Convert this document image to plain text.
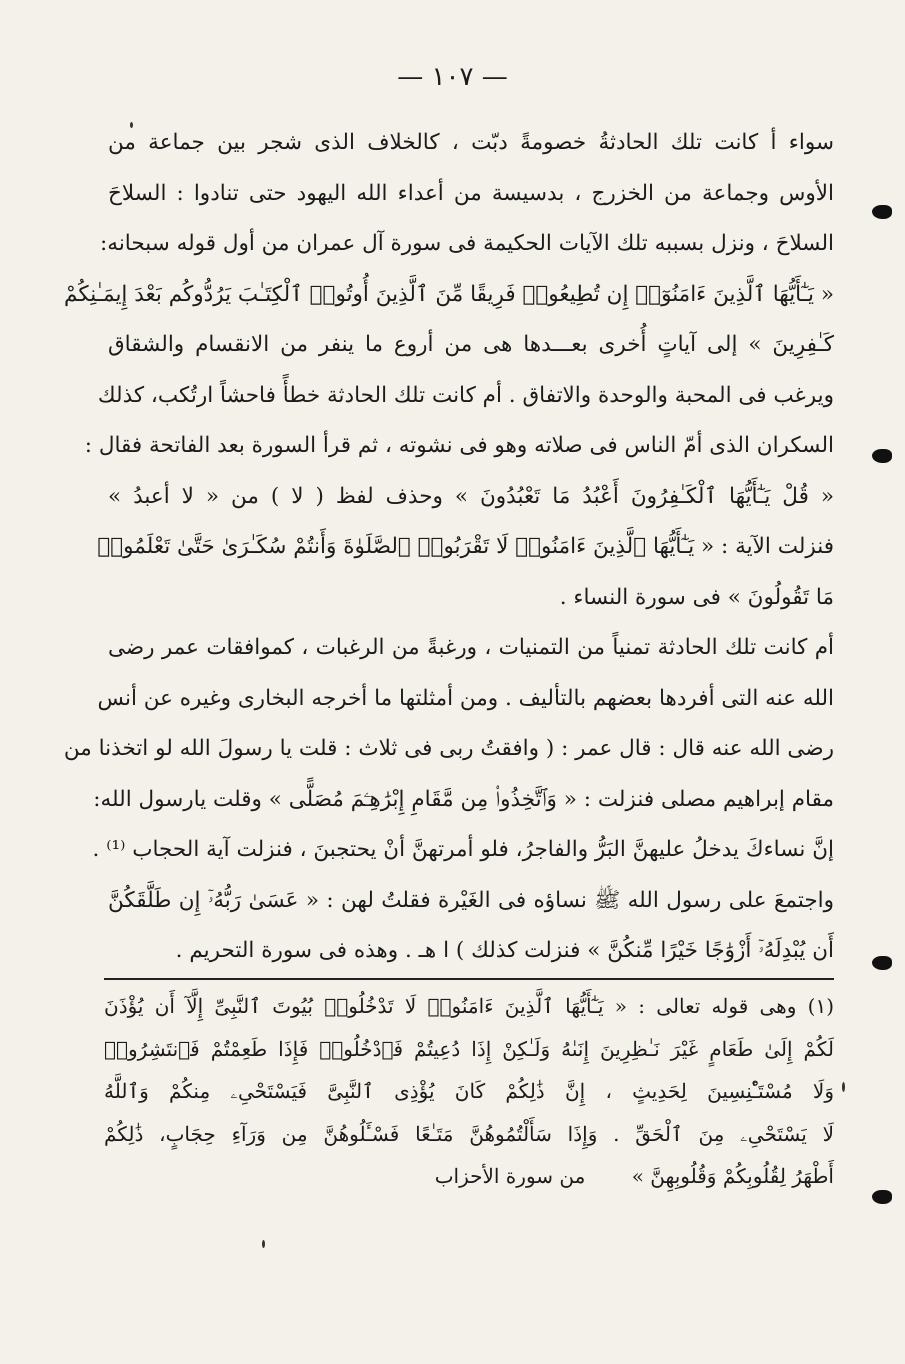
— ١٠٧ —
سواء أ كانت تلك الحادثةُ خصومةً دبّت ، كالخلاف الذى شجر بين جماعة من
الأوس وجماعة من الخزرج ، بدسيسة من أعداء الله اليهود حتى تنادوا : السلاحَ
السلاحَ ، ونزل بسببه تلك الآيات الحكيمة فى سورة آل عمران من أول قوله سبحانه:
« يَـٰٓأَيُّهَا ٱلَّذِينَ ءَامَنُوٓا۟ إِن تُطِيعُوا۟ فَرِيقًا مِّنَ ٱلَّذِينَ أُوتُوا۟ ٱلْكِتَـٰبَ يَرُدُّوكُم بَعْدَ إِيمَـٰنِكُمْ
كَـٰفِرِينَ » إلى آياتٍ أُخرى بعـــدها هى من أروع ما ينفر من الانقسام والشقاق
ويرغب فى المحبة والوحدة والاتفاق . أم كانت تلك الحادثة خطأً فاحشاً ارتُكب، كذلك
السكران الذى أمّ الناس فى صلاته وهو فى نشوته ، ثم قرأ السورة بعد الفاتحة فقال :
« قُلْ يَـٰٓأَيُّهَا ٱلْكَـٰفِرُونَ أَعْبُدُ مَا تَعْبُدُونَ » وحذف لفظ ( لا ) من « لا أعبدُ »
فنزلت الآية : « يَـٰٓأَيُّهَا ٱلَّذِينَ ءَامَنُوا۟ لَا تَقْرَبُوا۟ ٱلصَّلَوٰةَ وَأَنتُمْ سُكَـٰرَىٰ حَتَّىٰ تَعْلَمُوا۟
مَا تَقُولُونَ » فى سورة النساء .
أم كانت تلك الحادثة تمنياً من التمنيات ، ورغبةً من الرغبات ، كموافقات عمر رضى
الله عنه التى أفردها بعضهم بالتأليف . ومن أمثلتها ما أخرجه البخارى وغيره عن أنس
رضى الله عنه قال : قال عمر : ( وافقتُ ربى فى ثلاث : قلت يا رسولَ الله لو اتخذنا من
مقام إبراهيم مصلى فنزلت : « وَٱتَّخِذُوا۟ مِن مَّقَامِ إِبْرَٰهِـۧمَ مُصَلًّى » وقلت يارسول الله:
إنَّ نساءكَ يدخلُ عليهنَّ البَرُّ والفاجرُ، فلو أمرتهنَّ أنْ يحتجبنَ ، فنزلت آية الحجاب ⁽¹⁾ .
واجتمعَ على رسول الله ﷺ نساؤه فى الغَيْرة فقلتُ لهن : « عَسَىٰ رَبُّهُۥٓ إِن طَلَّقَكُنَّ
أَن يُبْدِلَهُۥٓ أَزْوَٰجًا خَيْرًا مِّنكُنَّ » فنزلت كذلك ) ا هـ . وهذه فى سورة التحريم .
(١) وهى قوله تعالى : « يَـٰٓأَيُّهَا ٱلَّذِينَ ءَامَنُوا۟ لَا تَدْخُلُوا۟ بُيُوتَ ٱلنَّبِىِّ إِلَّآ أَن يُؤْذَنَ
لَكُمْ إِلَىٰ طَعَامٍ غَيْرَ نَـٰظِرِينَ إِنَىٰهُ وَلَـٰكِنْ إِذَا دُعِيتُمْ فَٱدْخُلُوا۟ فَإِذَا طَعِمْتُمْ فَٱنتَشِرُوا۟
وَلَا مُسْتَـْٔنِسِينَ لِحَدِيثٍ ، إِنَّ ذَٰلِكُمْ كَانَ يُؤْذِى ٱلنَّبِىَّ فَيَسْتَحْىِۦ مِنكُمْ وَٱللَّهُ
لَا يَسْتَحْىِۦ مِنَ ٱلْحَقِّ . وَإِذَا سَأَلْتُمُوهُنَّ مَتَـٰعًا فَسْـَٔلُوهُنَّ مِن وَرَآءِ حِجَابٍ، ذَٰلِكُمْ
أَطْهَرُ لِقُلُوبِكُمْ وَقُلُوبِهِنَّ » من سورة الأحزاب
